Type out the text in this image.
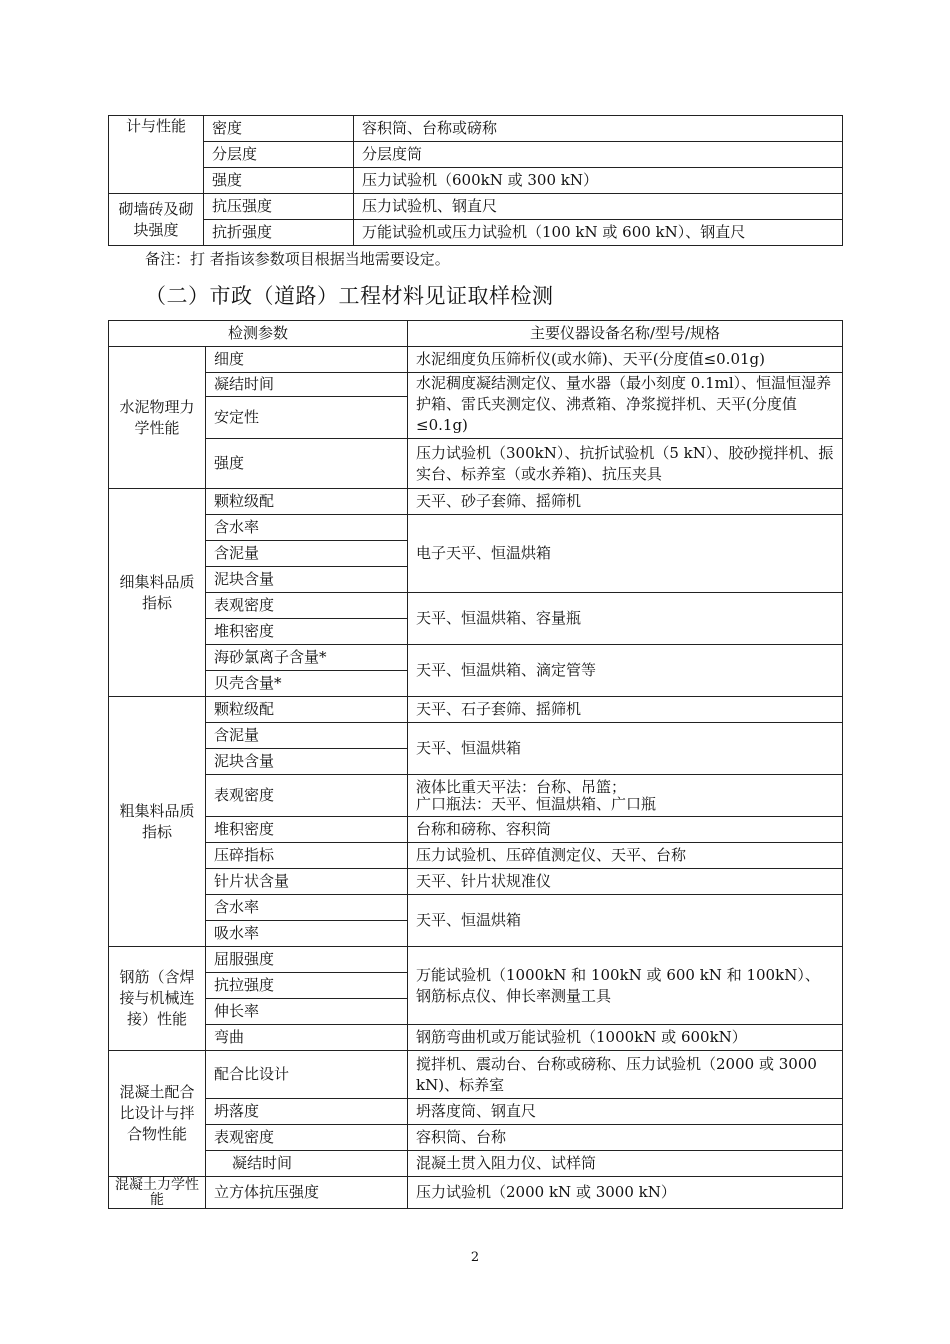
计与性能	密度	容积筒、台称或磅称
	分层度	分层度筒
	强度	压力试验机（600kN 或 300 kN）
砌墙砖及砌块强度	抗压强度	压力试验机、钢直尺
	抗折强度	万能试验机或压力试验机（100 kN 或 600 kN）、钢直尺
备注：打 者指该参数项目根据当地需要设定。
（二）市政（道路）工程材料见证取样检测
检测参数		主要仪器设备名称/型号/规格
水泥物理力学性能	细度	水泥细度负压筛析仪(或水筛)、天平(分度值≤0.01g)
	凝结时间	水泥稠度凝结测定仪、量水器（最小刻度 0.1ml）、恒温恒湿养护箱、雷氏夹测定仪、沸煮箱、净浆搅拌机、天平(分度值≤0.1g)
	安定性	
	强度	压力试验机（300kN）、抗折试验机（5 kN）、胶砂搅拌机、振实台、标养室（或水养箱)、抗压夹具
细集料品质指标	颗粒级配	天平、砂子套筛、摇筛机
	含水率	电子天平、恒温烘箱
	含泥量	
	泥块含量	
	表观密度	天平、恒温烘箱、容量瓶
	堆积密度	
	海砂氯离子含量*	天平、恒温烘箱、滴定管等
	贝壳含量*	
粗集料品质指标	颗粒级配	天平、石子套筛、摇筛机
	含泥量	天平、恒温烘箱
	泥块含量	
	表观密度	液体比重天平法：台称、吊篮；
广口瓶法：天平、恒温烘箱、广口瓶

	堆积密度	台称和磅称、容积筒
	压碎指标	压力试验机、压碎值测定仪、天平、台称
	针片状含量	天平、针片状规准仪
	含水率	天平、恒温烘箱
	吸水率	
钢筋（含焊接与机械连接）性能	屈服强度	万能试验机（1000kN 和 100kN 或 600 kN 和 100kN）、钢筋标点仪、伸长率测量工具
	抗拉强度	
	伸长率	
	弯曲	钢筋弯曲机或万能试验机（1000kN 或 600kN）
混凝土配合比设计与拌合物性能	配合比设计	搅拌机、震动台、台称或磅称、压力试验机（2000 或 3000 kN)、标养室
	坍落度	坍落度筒、钢直尺
	表观密度	容积筒、台称
	凝结时间	混凝土贯入阻力仪、试样筒
混凝土力学性能	立方体抗压强度	压力试验机（2000 kN 或 3000 kN）
2
